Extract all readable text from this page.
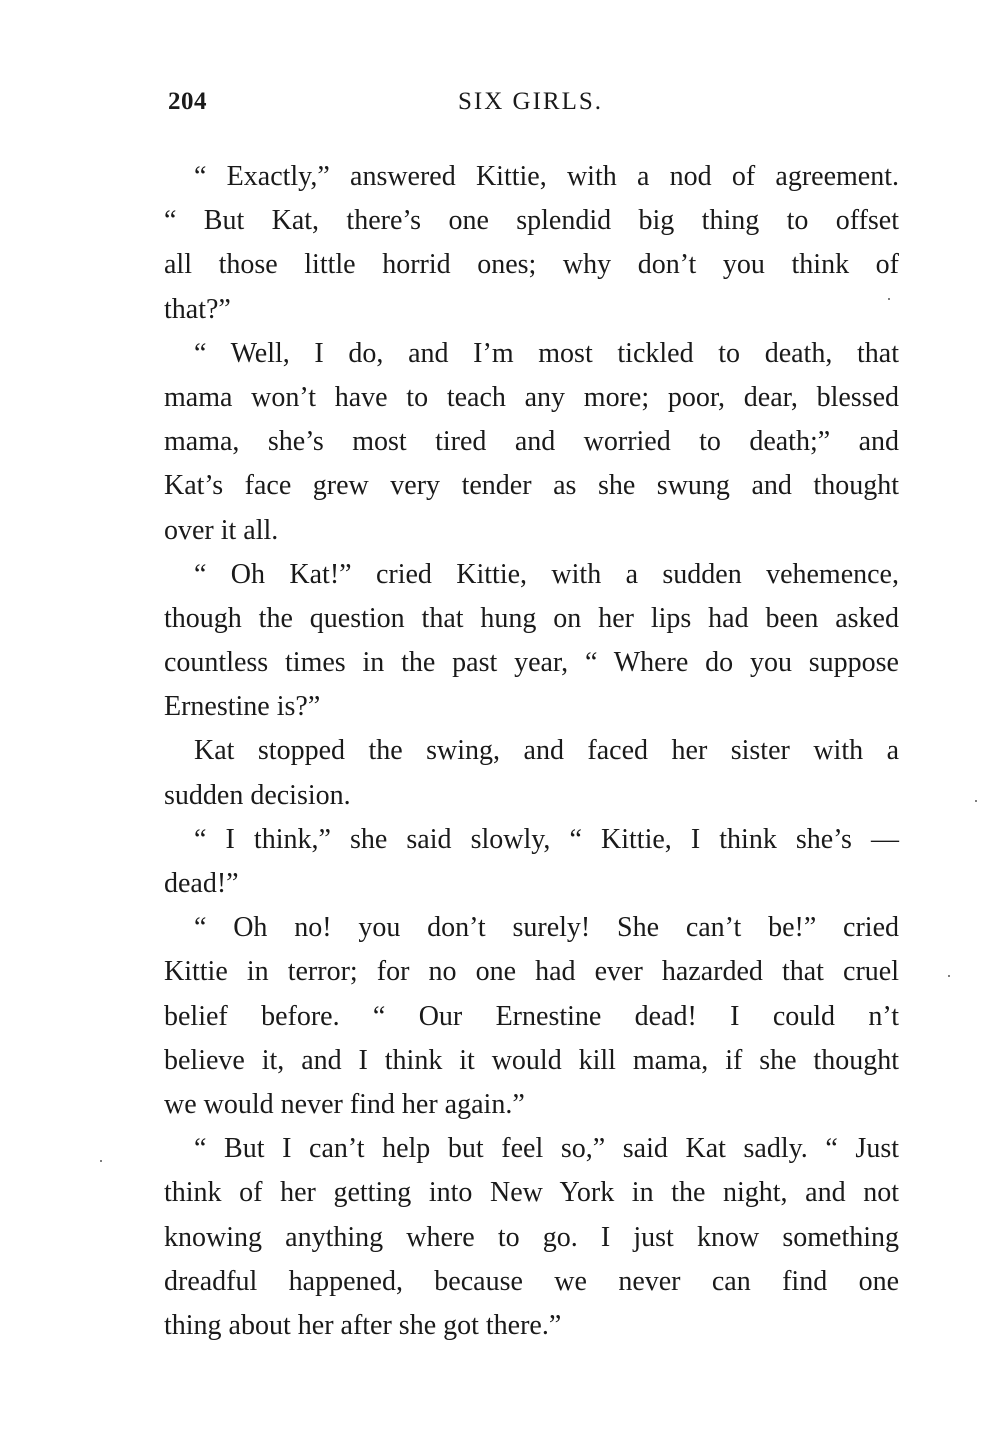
204	SIX GIRLS.

“ Exactly,” answered Kittie, with a nod of agreement.
“ But Kat, there’s one splendid big thing to offset
all those little horrid ones; why don’t you think of
that?”

“ Well, I do, and I’m most tickled to death, that
mama won’t have to teach any more; poor, dear, blessed
mama, she’s most tired and worried to death;” and
Kat’s face grew very tender as she swung and thought
over it all.

“ Oh Kat!” cried Kittie, with a sudden vehemence,
though the question that hung on her lips had been asked
countless times in the past year, “ Where do you suppose
Ernestine is?”

Kat stopped the swing, and faced her sister with a
sudden decision.

“ I think,” she said slowly, “ Kittie, I think she’s —
dead!”

“ Oh no! you don’t surely! She can’t be!” cried
Kittie in terror; for no one had ever hazarded that cruel
belief before. “ Our Ernestine dead! I could n’t
believe it, and I think it would kill mama, if she thought
we would never find her again.”

“ But I can’t help but feel so,” said Kat sadly. “ Just
think of her getting into New York in the night, and not
knowing anything where to go. I just know something
dreadful happened, because we never can find one
thing about her after she got there.”
